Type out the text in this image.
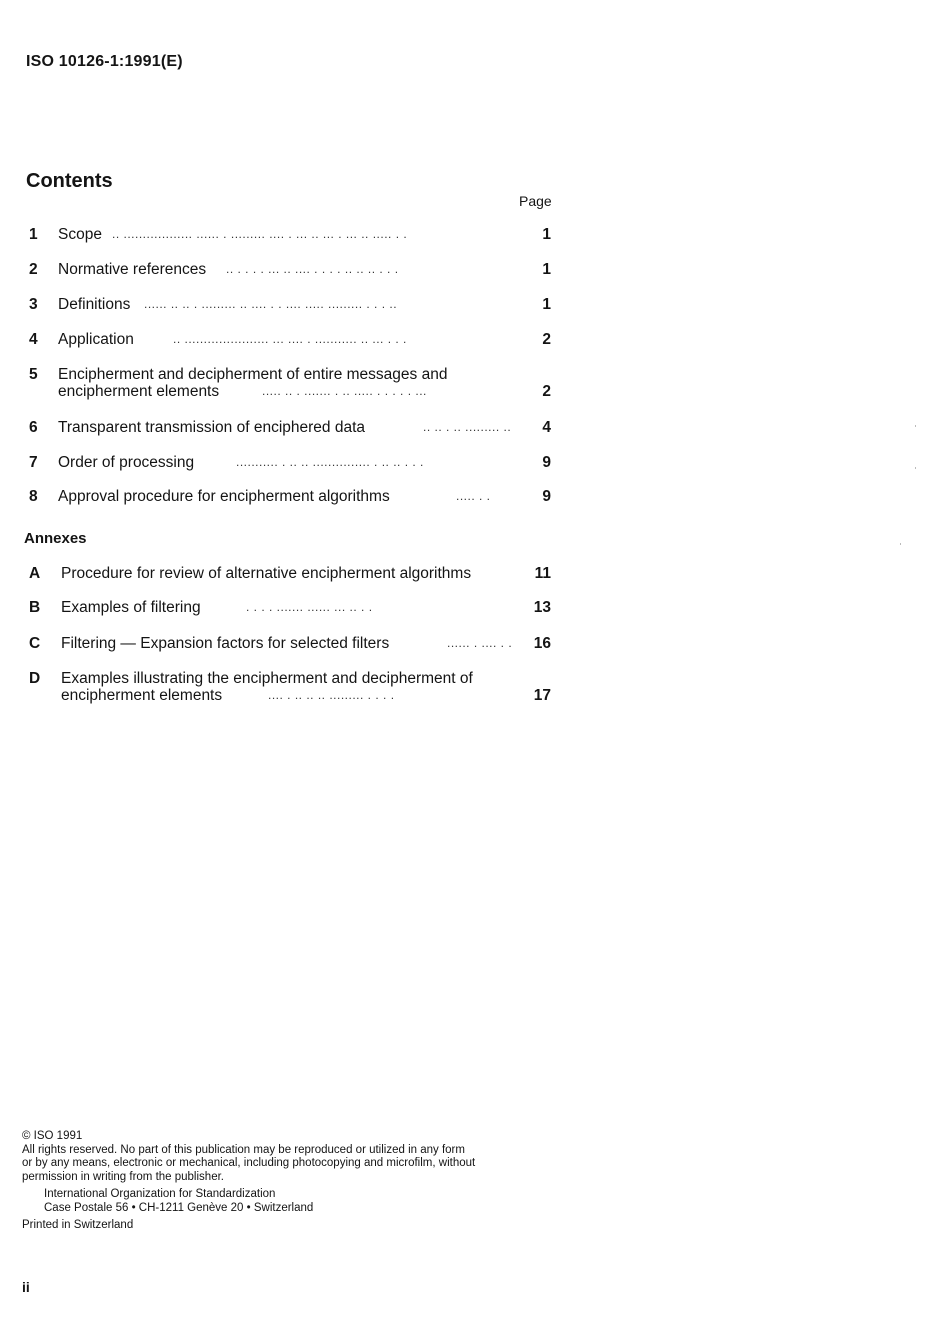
ISO 10126-1:1991(E)
Contents
Page
1 Scope .. .................. ...... . ......... .... . ... .. ... . ... .. ..... . .	1
2 Normative references .. . . . . ... .. .... . . . . .. .. .. . . .	1
3 Definitions ...... .. .. . ......... .. .... . . .... ..... ......... . . . ..	1
4 Application	.. ...................... ... .... . ........... .. ... . . .	2
5 Encipherment and decipherment of entire messages and
encipherment elements	..... .. . ....... . .. ..... . . . . . ...	2
6 Transparent transmission of enciphered data	.. .. . .. ......... ..	4
7 Order of processing	........... . .. .. ............... . .. .. . . .	9
8 Approval procedure for encipherment algorithms	..... . .	9
Annexes
A Procedure for review of alternative encipherment algorithms	11
B Examples of filtering	. . . . ....... ...... ... .. . .	13
C Filtering — Expansion factors for selected filters	...... . .... . .	16
D Examples illustrating the encipherment and decipherment of
encipherment elements	.... . .. .. .. ......... . . . .	17
© ISO 1991
All rights reserved. No part of this publication may be reproduced or utilized in any form
or by any means, electronic or mechanical, including photocopying and microfilm, without
permission in writing from the publisher.
International Organization for Standardization
Case Postale 56 • CH-1211 Genève 20 • Switzerland
Printed in Switzerland
ii
